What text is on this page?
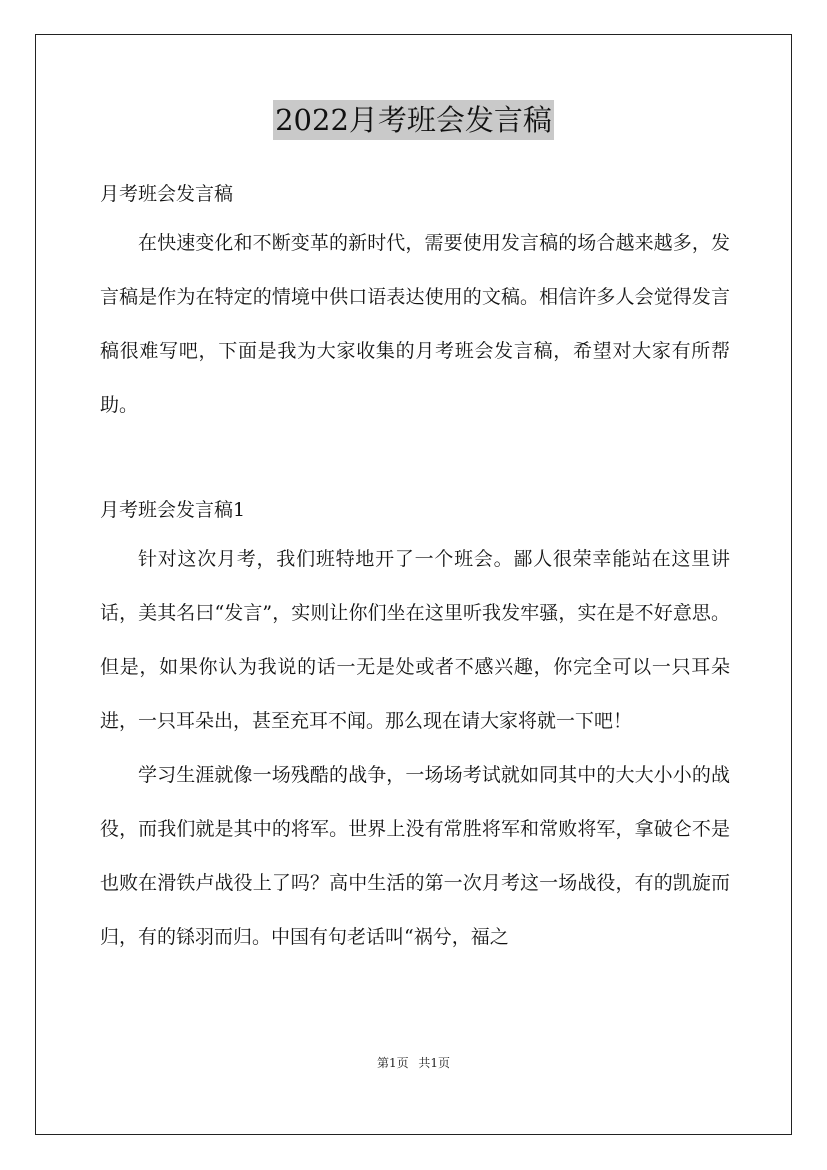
2022月考班会发言稿

月考班会发言稿

在快速变化和不断变革的新时代，需要使用发言稿的场合越来越多，发言稿是作为在特定的情境中供口语表达使用的文稿。相信许多人会觉得发言稿很难写吧，下面是我为大家收集的月考班会发言稿，希望对大家有所帮助。

月考班会发言稿1

针对这次月考，我们班特地开了一个班会。鄙人很荣幸能站在这里讲话，美其名曰“发言”，实则让你们坐在这里听我发牢骚，实在是不好意思。但是，如果你认为我说的话一无是处或者不感兴趣，你完全可以一只耳朵进，一只耳朵出，甚至充耳不闻。那么现在请大家将就一下吧！

学习生涯就像一场残酷的战争，一场场考试就如同其中的大大小小的战役，而我们就是其中的将军。世界上没有常胜将军和常败将军，拿破仑不是也败在滑铁卢战役上了吗？高中生活的第一次月考这一场战役，有的凯旋而归，有的铩羽而归。中国有句老话叫“祸兮，福之

第1页 共1页
